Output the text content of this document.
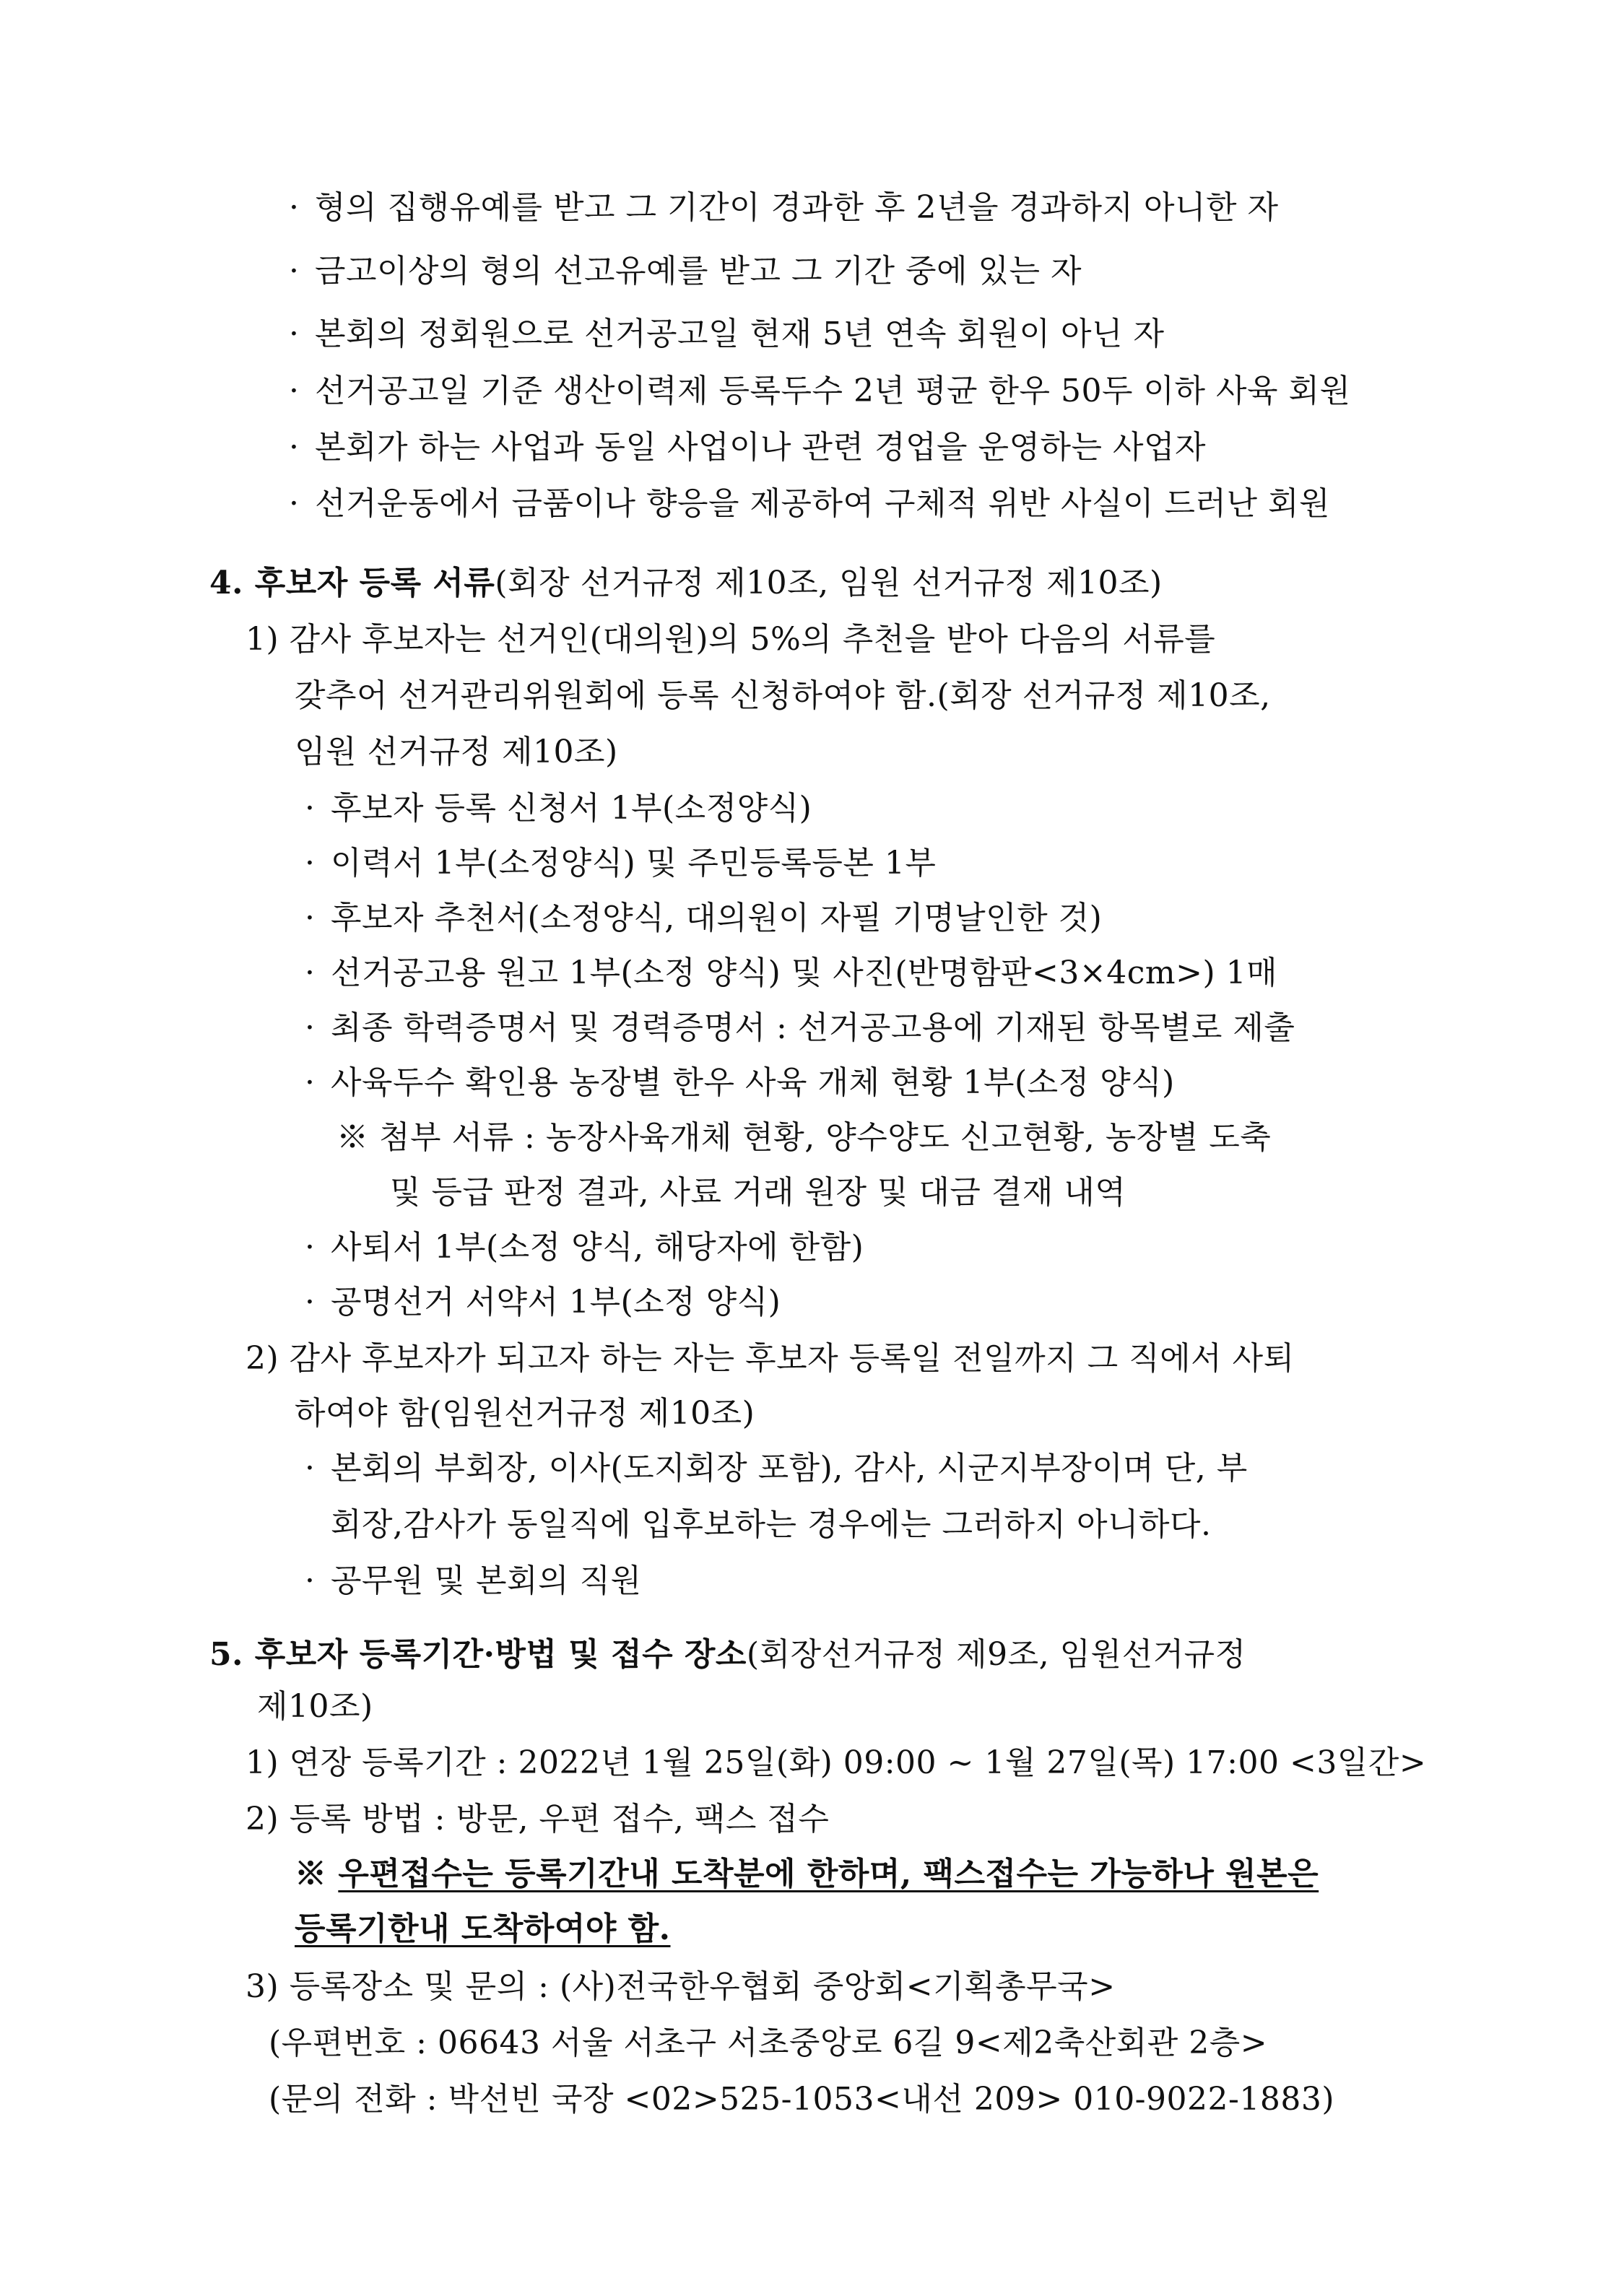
· 형의 집행유예를 받고 그 기간이 경과한 후 2년을 경과하지 아니한 자
· 금고이상의 형의 선고유예를 받고 그 기간 중에 있는 자
· 본회의 정회원으로 선거공고일 현재 5년 연속 회원이 아닌 자
· 선거공고일 기준 생산이력제 등록두수 2년 평균 한우 50두 이하 사육 회원
· 본회가 하는 사업과 동일 사업이나 관련 경업을 운영하는 사업자
· 선거운동에서 금품이나 향응을 제공하여 구체적 위반 사실이 드러난 회원
4. 후보자 등록 서류(회장 선거규정 제10조, 임원 선거규정 제10조)
1) 감사 후보자는 선거인(대의원)의 5%의 추천을 받아 다음의 서류를
갖추어 선거관리위원회에 등록 신청하여야 함.(회장 선거규정 제10조,
임원 선거규정 제10조)
· 후보자 등록 신청서 1부(소정양식)
· 이력서 1부(소정양식) 및 주민등록등본 1부
· 후보자 추천서(소정양식, 대의원이 자필 기명날인한 것)
· 선거공고용 원고 1부(소정 양식) 및 사진(반명함판<3×4cm>) 1매
· 최종 학력증명서 및 경력증명서 : 선거공고용에 기재된 항목별로 제출
· 사육두수 확인용 농장별 한우 사육 개체 현황 1부(소정 양식)
※ 첨부 서류 : 농장사육개체 현황, 양수양도 신고현황, 농장별 도축
및 등급 판정 결과, 사료 거래 원장 및 대금 결재 내역
· 사퇴서 1부(소정 양식, 해당자에 한함)
· 공명선거 서약서 1부(소정 양식)
2) 감사 후보자가 되고자 하는 자는 후보자 등록일 전일까지 그 직에서 사퇴
하여야 함(임원선거규정 제10조)
· 본회의 부회장, 이사(도지회장 포함), 감사, 시군지부장이며 단, 부
회장,감사가 동일직에 입후보하는 경우에는 그러하지 아니하다.
· 공무원 및 본회의 직원
5. 후보자 등록기간·방법 및 접수 장소(회장선거규정 제9조, 임원선거규정
제10조)
1) 연장 등록기간 : 2022년 1월 25일(화) 09:00 ~ 1월 27일(목) 17:00 <3일간>
2) 등록 방법 : 방문, 우편 접수, 팩스 접수
※ 우편접수는 등록기간내 도착분에 한하며, 팩스접수는 가능하나 원본은
등록기한내 도착하여야 함.
3) 등록장소 및 문의 : (사)전국한우협회 중앙회<기획총무국>
(우편번호 : 06643 서울 서초구 서초중앙로 6길 9<제2축산회관 2층>
(문의 전화 : 박선빈 국장 <02>525-1053<내선 209> 010-9022-1883)
